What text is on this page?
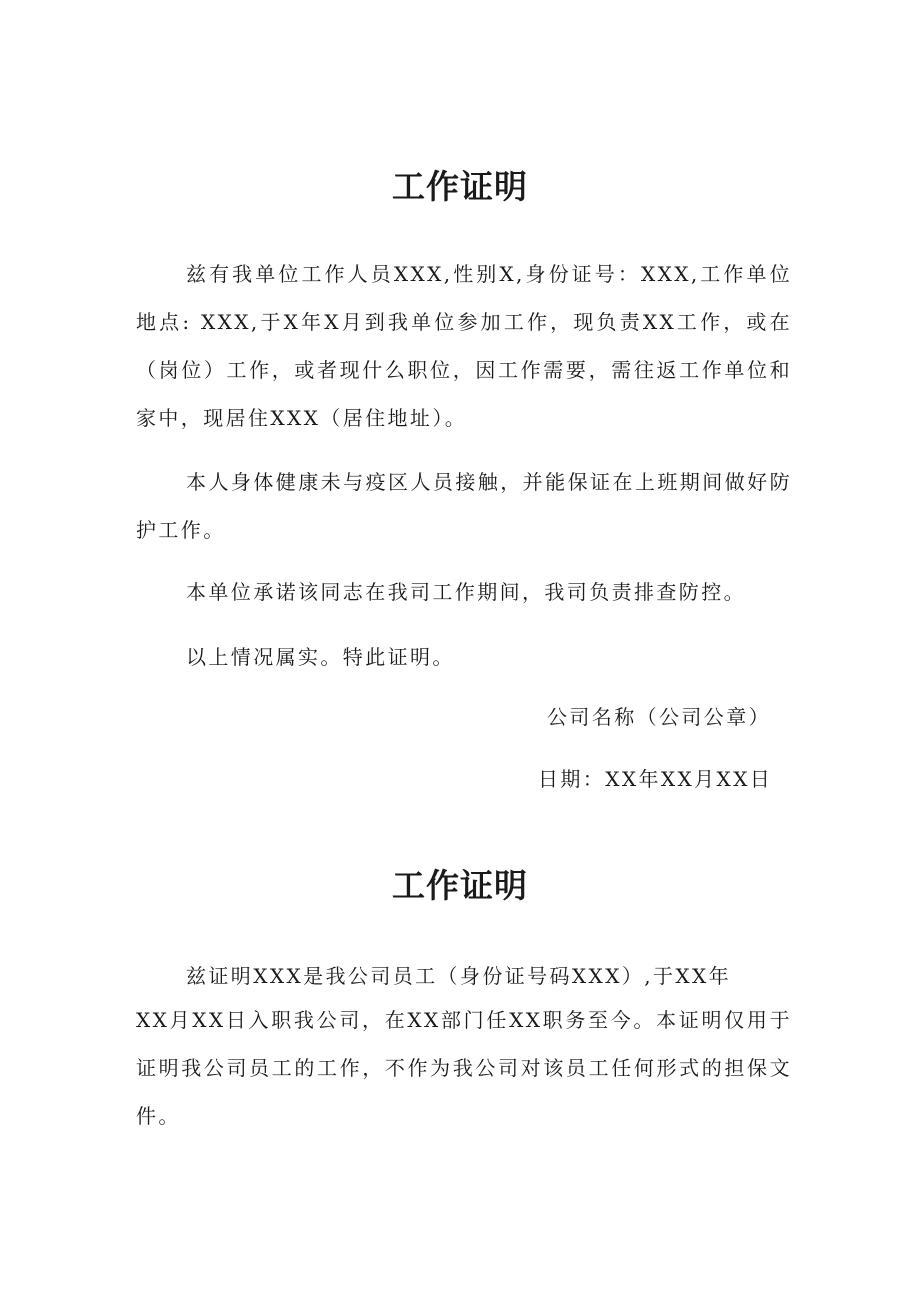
工作证明

兹有我单位工作人员XXX,性别X,身份证号：XXX,工作单位地点: XXX,于X年X月到我单位参加工作，现负责XX工作，或在（岗位）工作，或者现什么职位，因工作需要，需往返工作单位和家中，现居住XXX（居住地址）。

本人身体健康未与疫区人员接触，并能保证在上班期间做好防护工作。

本单位承诺该同志在我司工作期间，我司负责排查防控。

以上情况属实。特此证明。

公司名称（公司公章）

日期：XX年XX月XX日

工作证明
兹证明XXX是我公司员工（身份证号码XXX）,于XX年
XX月XX日入职我公司，在XX部门任XX职务至今。本证明仅用于证明我公司员工的工作，不作为我公司对该员工任何形式的担保文件。
